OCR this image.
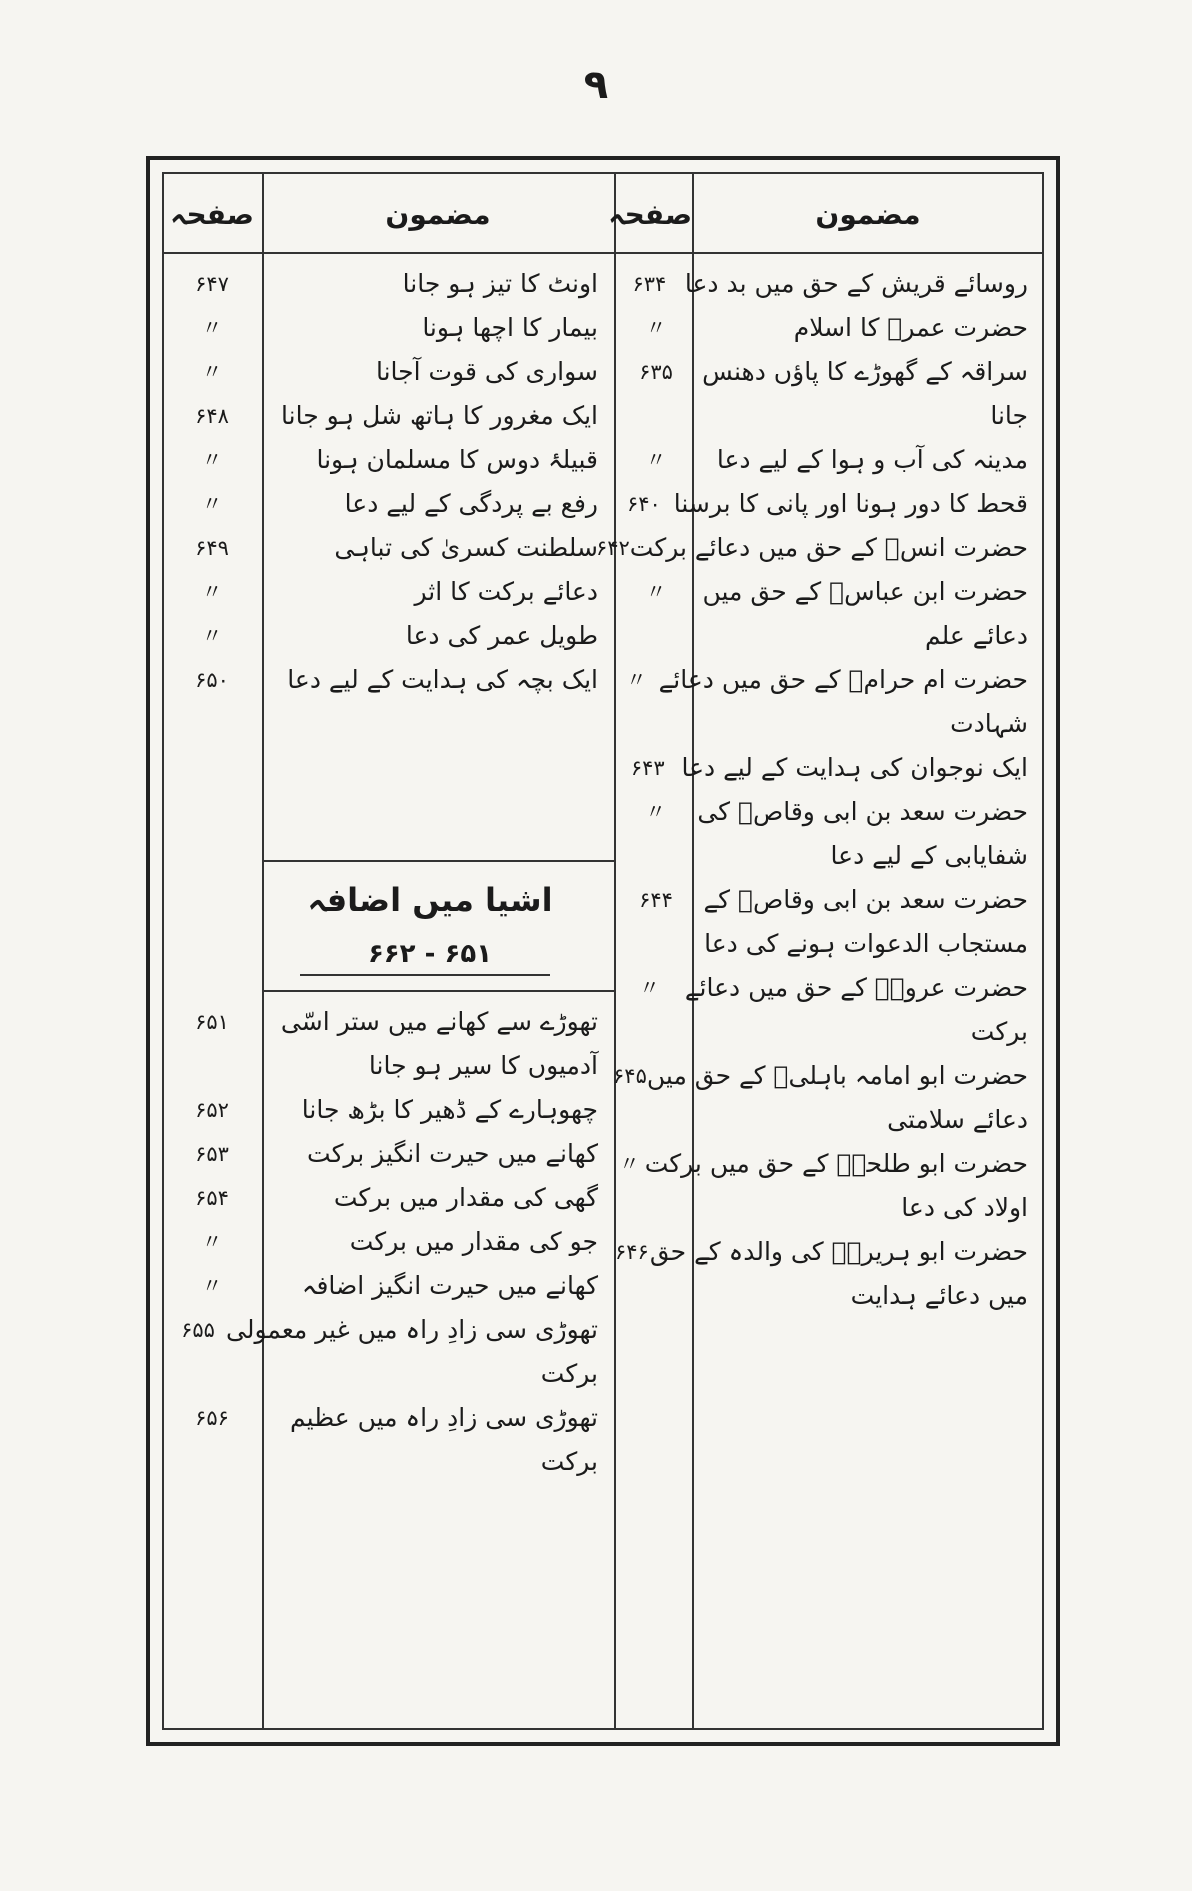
۹
مضمون
صفحہ
مضمون
صفحہ
روسائے قریش کے حق میں بد دعا
۶۳۴
حضرت عمرؓ کا اسلام
〃
سراقہ کے گھوڑے کا پاؤں دھنس
۶۳۵
جانا
مدینہ کی آب و ہوا کے لیے دعا
〃
قحط کا دور ہونا اور پانی کا برسنا
۶۴۰
حضرت انسؓ کے حق میں دعائے برکت
۶۴۲
حضرت ابن عباسؓ کے حق میں
〃
دعائے علم
حضرت ام حرامؓ کے حق میں دعائے
〃
شہادت
ایک نوجوان کی ہدایت کے لیے دعا
۶۴۳
حضرت سعد بن ابی وقاصؓ کی
〃
شفایابی کے لیے دعا
حضرت سعد بن ابی وقاصؓ کے
۶۴۴
مستجاب الدعوات ہونے کی دعا
حضرت عروہؓ کے حق میں دعائے
〃
برکت
حضرت ابو امامہ باہلیؓ کے حق میں
۶۴۵
دعائے سلامتی
حضرت ابو طلحہؓ کے حق میں برکت
〃
اولاد کی دعا
حضرت ابو ہریرہؓ کی والدہ کے حق
۶۴۶
میں دعائے ہدایت
اونٹ کا تیز ہو جانا
۶۴۷
بیمار کا اچھا ہونا
〃
سواری کی قوت آجانا
〃
ایک مغرور کا ہاتھ شل ہو جانا
۶۴۸
قبیلۂ دوس کا مسلمان ہونا
〃
رفع بے پردگی کے لیے دعا
〃
سلطنت کسریٰ کی تباہی
۶۴۹
دعائے برکت کا اثر
〃
طویل عمر کی دعا
〃
ایک بچہ کی ہدایت کے لیے دعا
۶۵۰
اشیا میں اضافہ
۶۵۱ - ۶۶۲
تھوڑے سے کھانے میں ستر اسّی
۶۵۱
آدمیوں کا سیر ہو جانا
چھوہارے کے ڈھیر کا بڑھ جانا
۶۵۲
کھانے میں حیرت انگیز برکت
۶۵۳
گھی کی مقدار میں برکت
۶۵۴
جو کی مقدار میں برکت
〃
کھانے میں حیرت انگیز اضافہ
〃
تھوڑی سی زادِ راہ میں غیر معمولی
۶۵۵
برکت
تھوڑی سی زادِ راہ میں عظیم
۶۵۶
برکت
